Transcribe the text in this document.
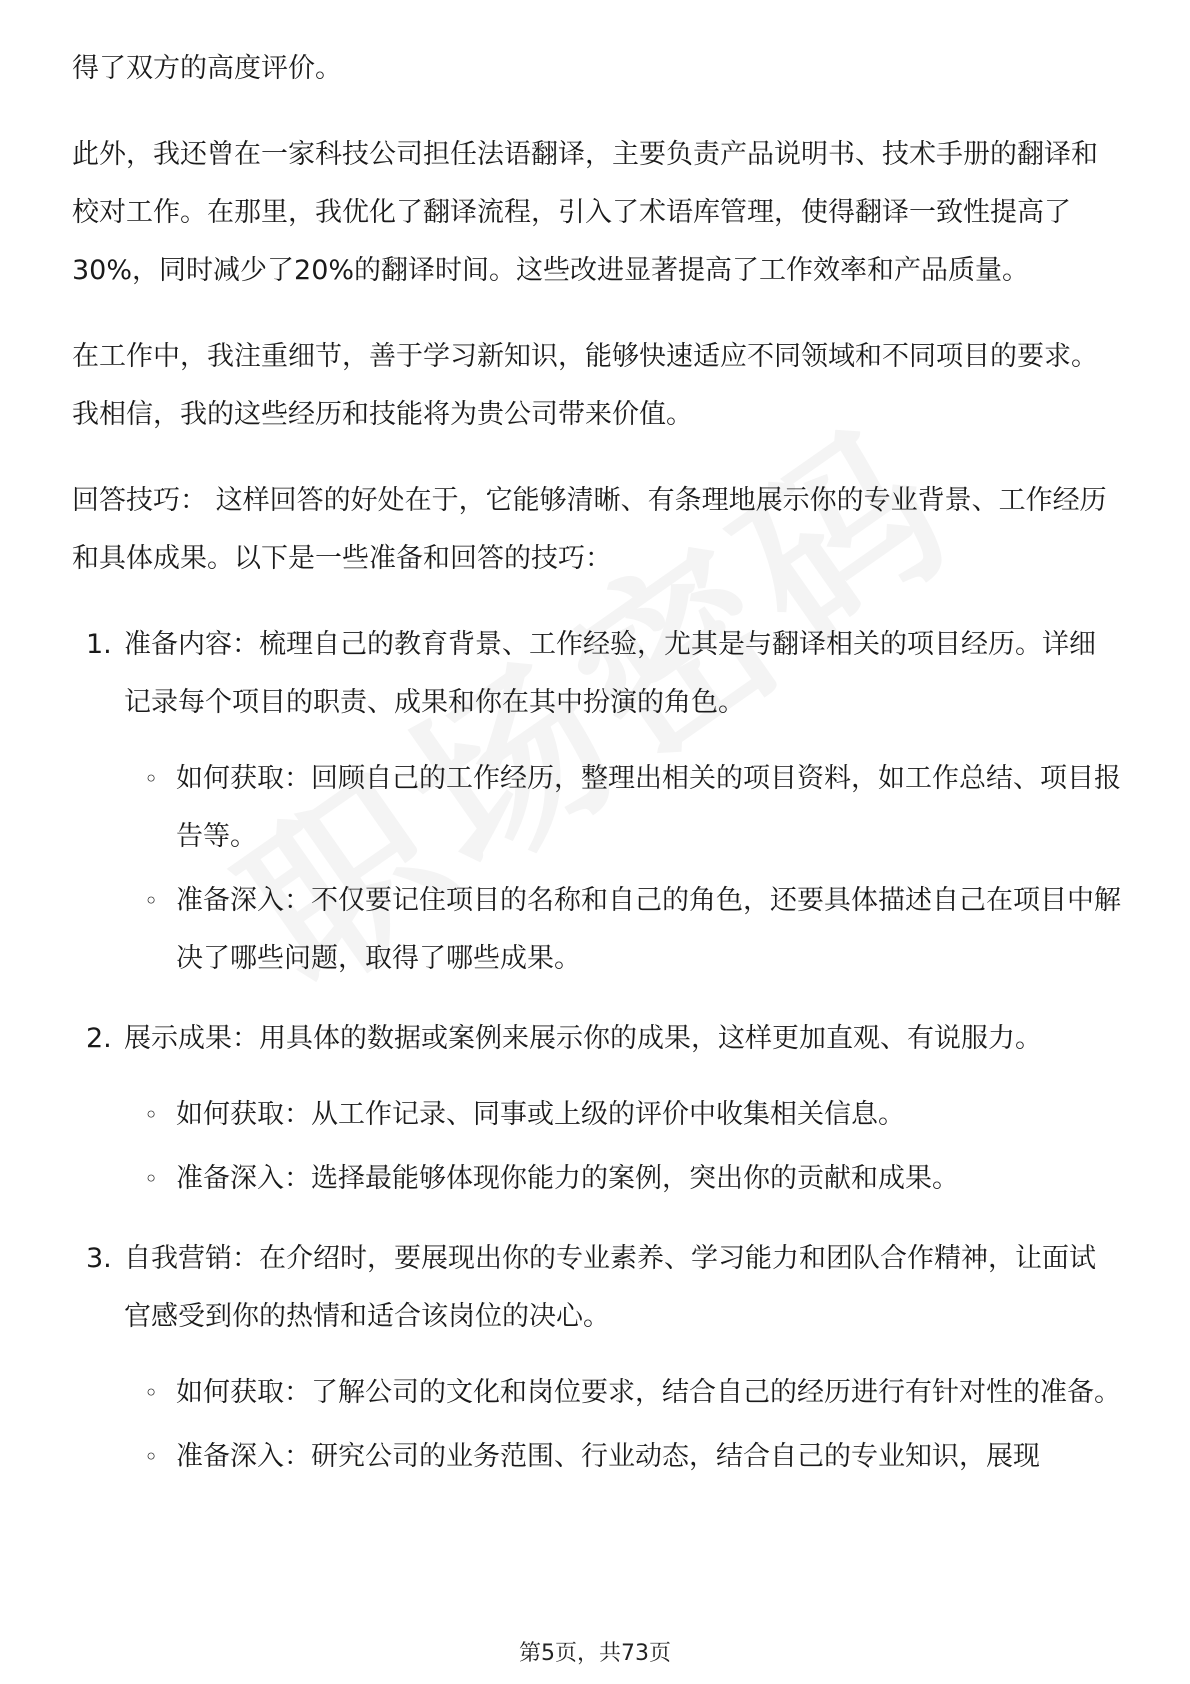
得了双方的高度评价。

此外，我还曾在一家科技公司担任法语翻译，主要负责产品说明书、技术手册的翻译和校对工作。在那里，我优化了翻译流程，引入了术语库管理，使得翻译一致性提高了30%，同时减少了20%的翻译时间。这些改进显著提高了工作效率和产品质量。

在工作中，我注重细节，善于学习新知识，能够快速适应不同领域和不同项目的要求。我相信，我的这些经历和技能将为贵公司带来价值。

回答技巧： 这样回答的好处在于，它能够清晰、有条理地展示你的专业背景、工作经历和具体成果。以下是一些准备和回答的技巧：

1. 准备内容：梳理自己的教育背景、工作经验，尤其是与翻译相关的项目经历。详细记录每个项目的职责、成果和你在其中扮演的角色。
◦ 如何获取：回顾自己的工作经历，整理出相关的项目资料，如工作总结、项目报告等。
◦ 准备深入：不仅要记住项目的名称和自己的角色，还要具体描述自己在项目中解决了哪些问题，取得了哪些成果。
2. 展示成果：用具体的数据或案例来展示你的成果，这样更加直观、有说服力。
◦ 如何获取：从工作记录、同事或上级的评价中收集相关信息。
◦ 准备深入：选择最能够体现你能力的案例，突出你的贡献和成果。
3. 自我营销：在介绍时，要展现出你的专业素养、学习能力和团队合作精神，让面试官感受到你的热情和适合该岗位的决心。
◦ 如何获取：了解公司的文化和岗位要求，结合自己的经历进行有针对性的准备。
◦ 准备深入：研究公司的业务范围、行业动态，结合自己的专业知识，展现
第5页，共73页
